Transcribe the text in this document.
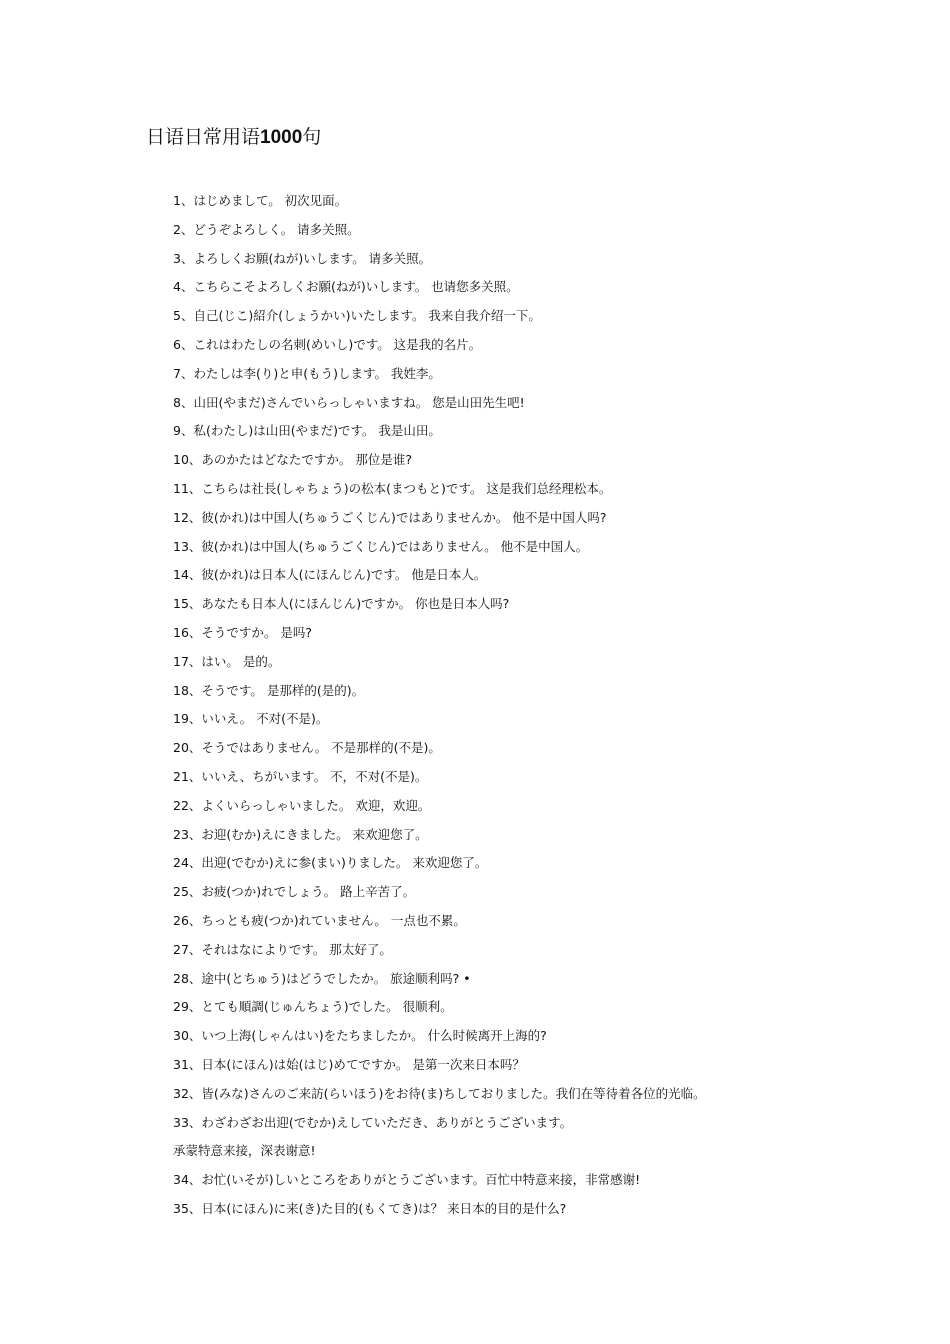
日语日常用语1000句
1、はじめまして。 初次见面。
2、どうぞよろしく。 请多关照。
3、よろしくお願(ねが)いします。 请多关照。
4、こちらこそよろしくお願(ねが)いします。 也请您多关照。
5、自己(じこ)紹介(しょうかい)いたします。 我来自我介绍一下。
6、これはわたしの名刺(めいし)です。 这是我的名片。
7、わたしは李(り)と申(もう)します。 我姓李。
8、山田(やまだ)さんでいらっしゃいますね。 您是山田先生吧!
9、私(わたし)は山田(やまだ)です。 我是山田。
10、あのかたはどなたですか。 那位是谁?
11、こちらは社長(しゃちょう)の松本(まつもと)です。 这是我们总经理松本。
12、彼(かれ)は中国人(ちゅうごくじん)ではありませんか。 他不是中国人吗?
13、彼(かれ)は中国人(ちゅうごくじん)ではありません。 他不是中国人。
14、彼(かれ)は日本人(にほんじん)です。 他是日本人。
15、あなたも日本人(にほんじん)ですか。 你也是日本人吗?
16、そうですか。 是吗?
17、はい。 是的。
18、そうです。 是那样的(是的)。
19、いいえ。 不对(不是)。
20、そうではありません。 不是那样的(不是)。
21、いいえ、ちがいます。 不，不对(不是)。
22、よくいらっしゃいました。 欢迎，欢迎。
23、お迎(むか)えにきました。 来欢迎您了。
24、出迎(でむか)えに参(まい)りました。 来欢迎您了。
25、お疲(つか)れでしょう。 路上辛苦了。
26、ちっとも疲(つか)れていません。 一点也不累。
27、それはなによりです。 那太好了。
28、途中(とちゅう)はどうでしたか。 旅途顺利吗? •
29、とても順調(じゅんちょう)でした。 很顺利。
30、いつ上海(しゃんはい)をたちましたか。 什么时候离开上海的?
31、日本(にほん)は始(はじ)めてですか。 是第一次来日本吗？
32、皆(みな)さんのご来訪(らいほう)をお待(ま)ちしておりました。我们在等待着各位的光临。
33、わざわざお出迎(でむか)えしていただき、ありがとうございます。
承蒙特意来接，深表谢意!
34、お忙(いそが)しいところをありがとうございます。百忙中特意来接，非常感谢!
35、日本(にほん)に来(き)た目的(もくてき)は？ 来日本的目的是什么?
